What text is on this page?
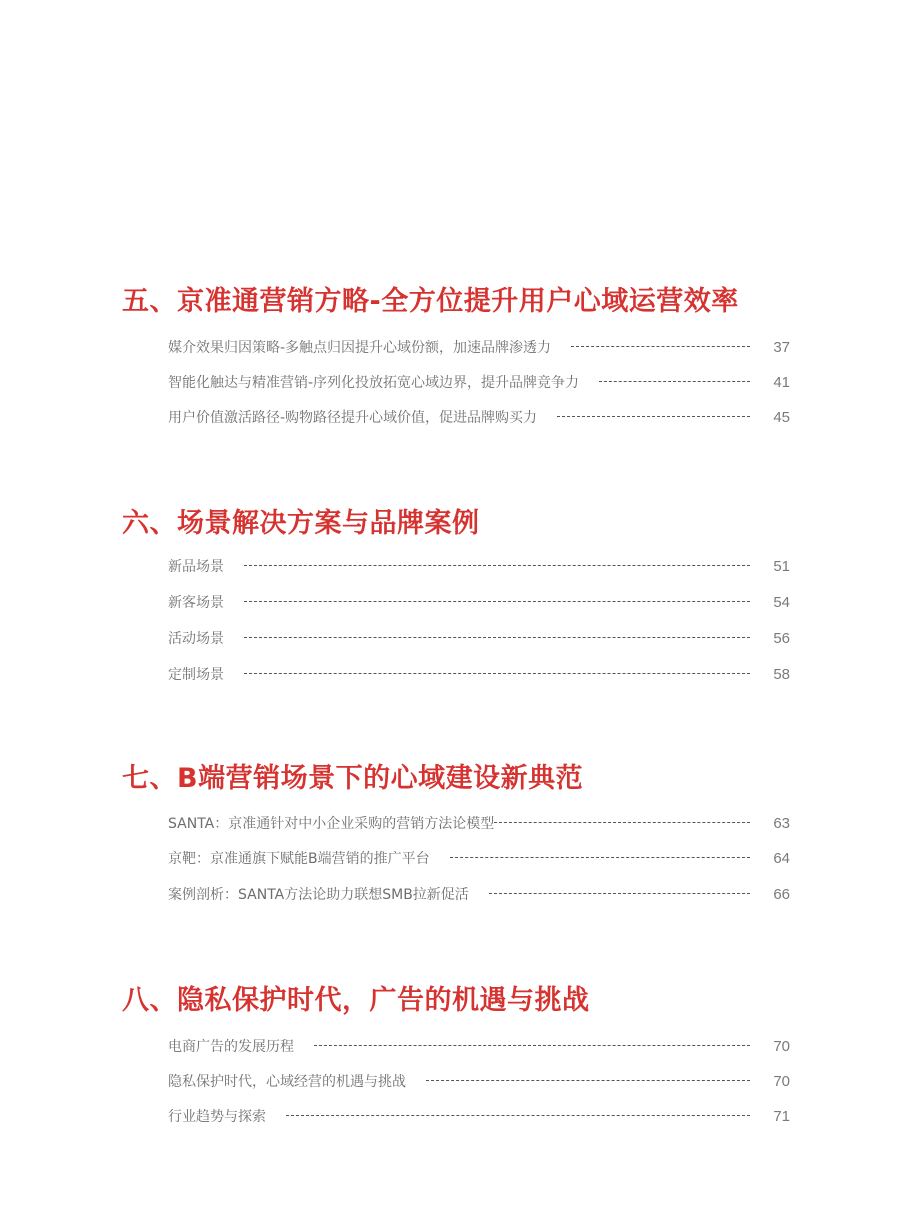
五、京准通营销方略-全方位提升用户心域运营效率
媒介效果归因策略-多触点归因提升心域份额，加速品牌渗透力	37
智能化触达与精准营销-序列化投放拓宽心域边界，提升品牌竞争力	41
用户价值激活路径-购物路径提升心域价值，促进品牌购买力	45
六、场景解决方案与品牌案例
新品场景	51
新客场景	54
活动场景	56
定制场景	58
七、B端营销场景下的心域建设新典范
SANTA：京准通针对中小企业采购的营销方法论模型	63
京靶：京准通旗下赋能B端营销的推广平台	64
案例剖析：SANTA方法论助力联想SMB拉新促活	66
八、隐私保护时代，广告的机遇与挑战
电商广告的发展历程	70
隐私保护时代，心域经营的机遇与挑战	70
行业趋势与探索	71
